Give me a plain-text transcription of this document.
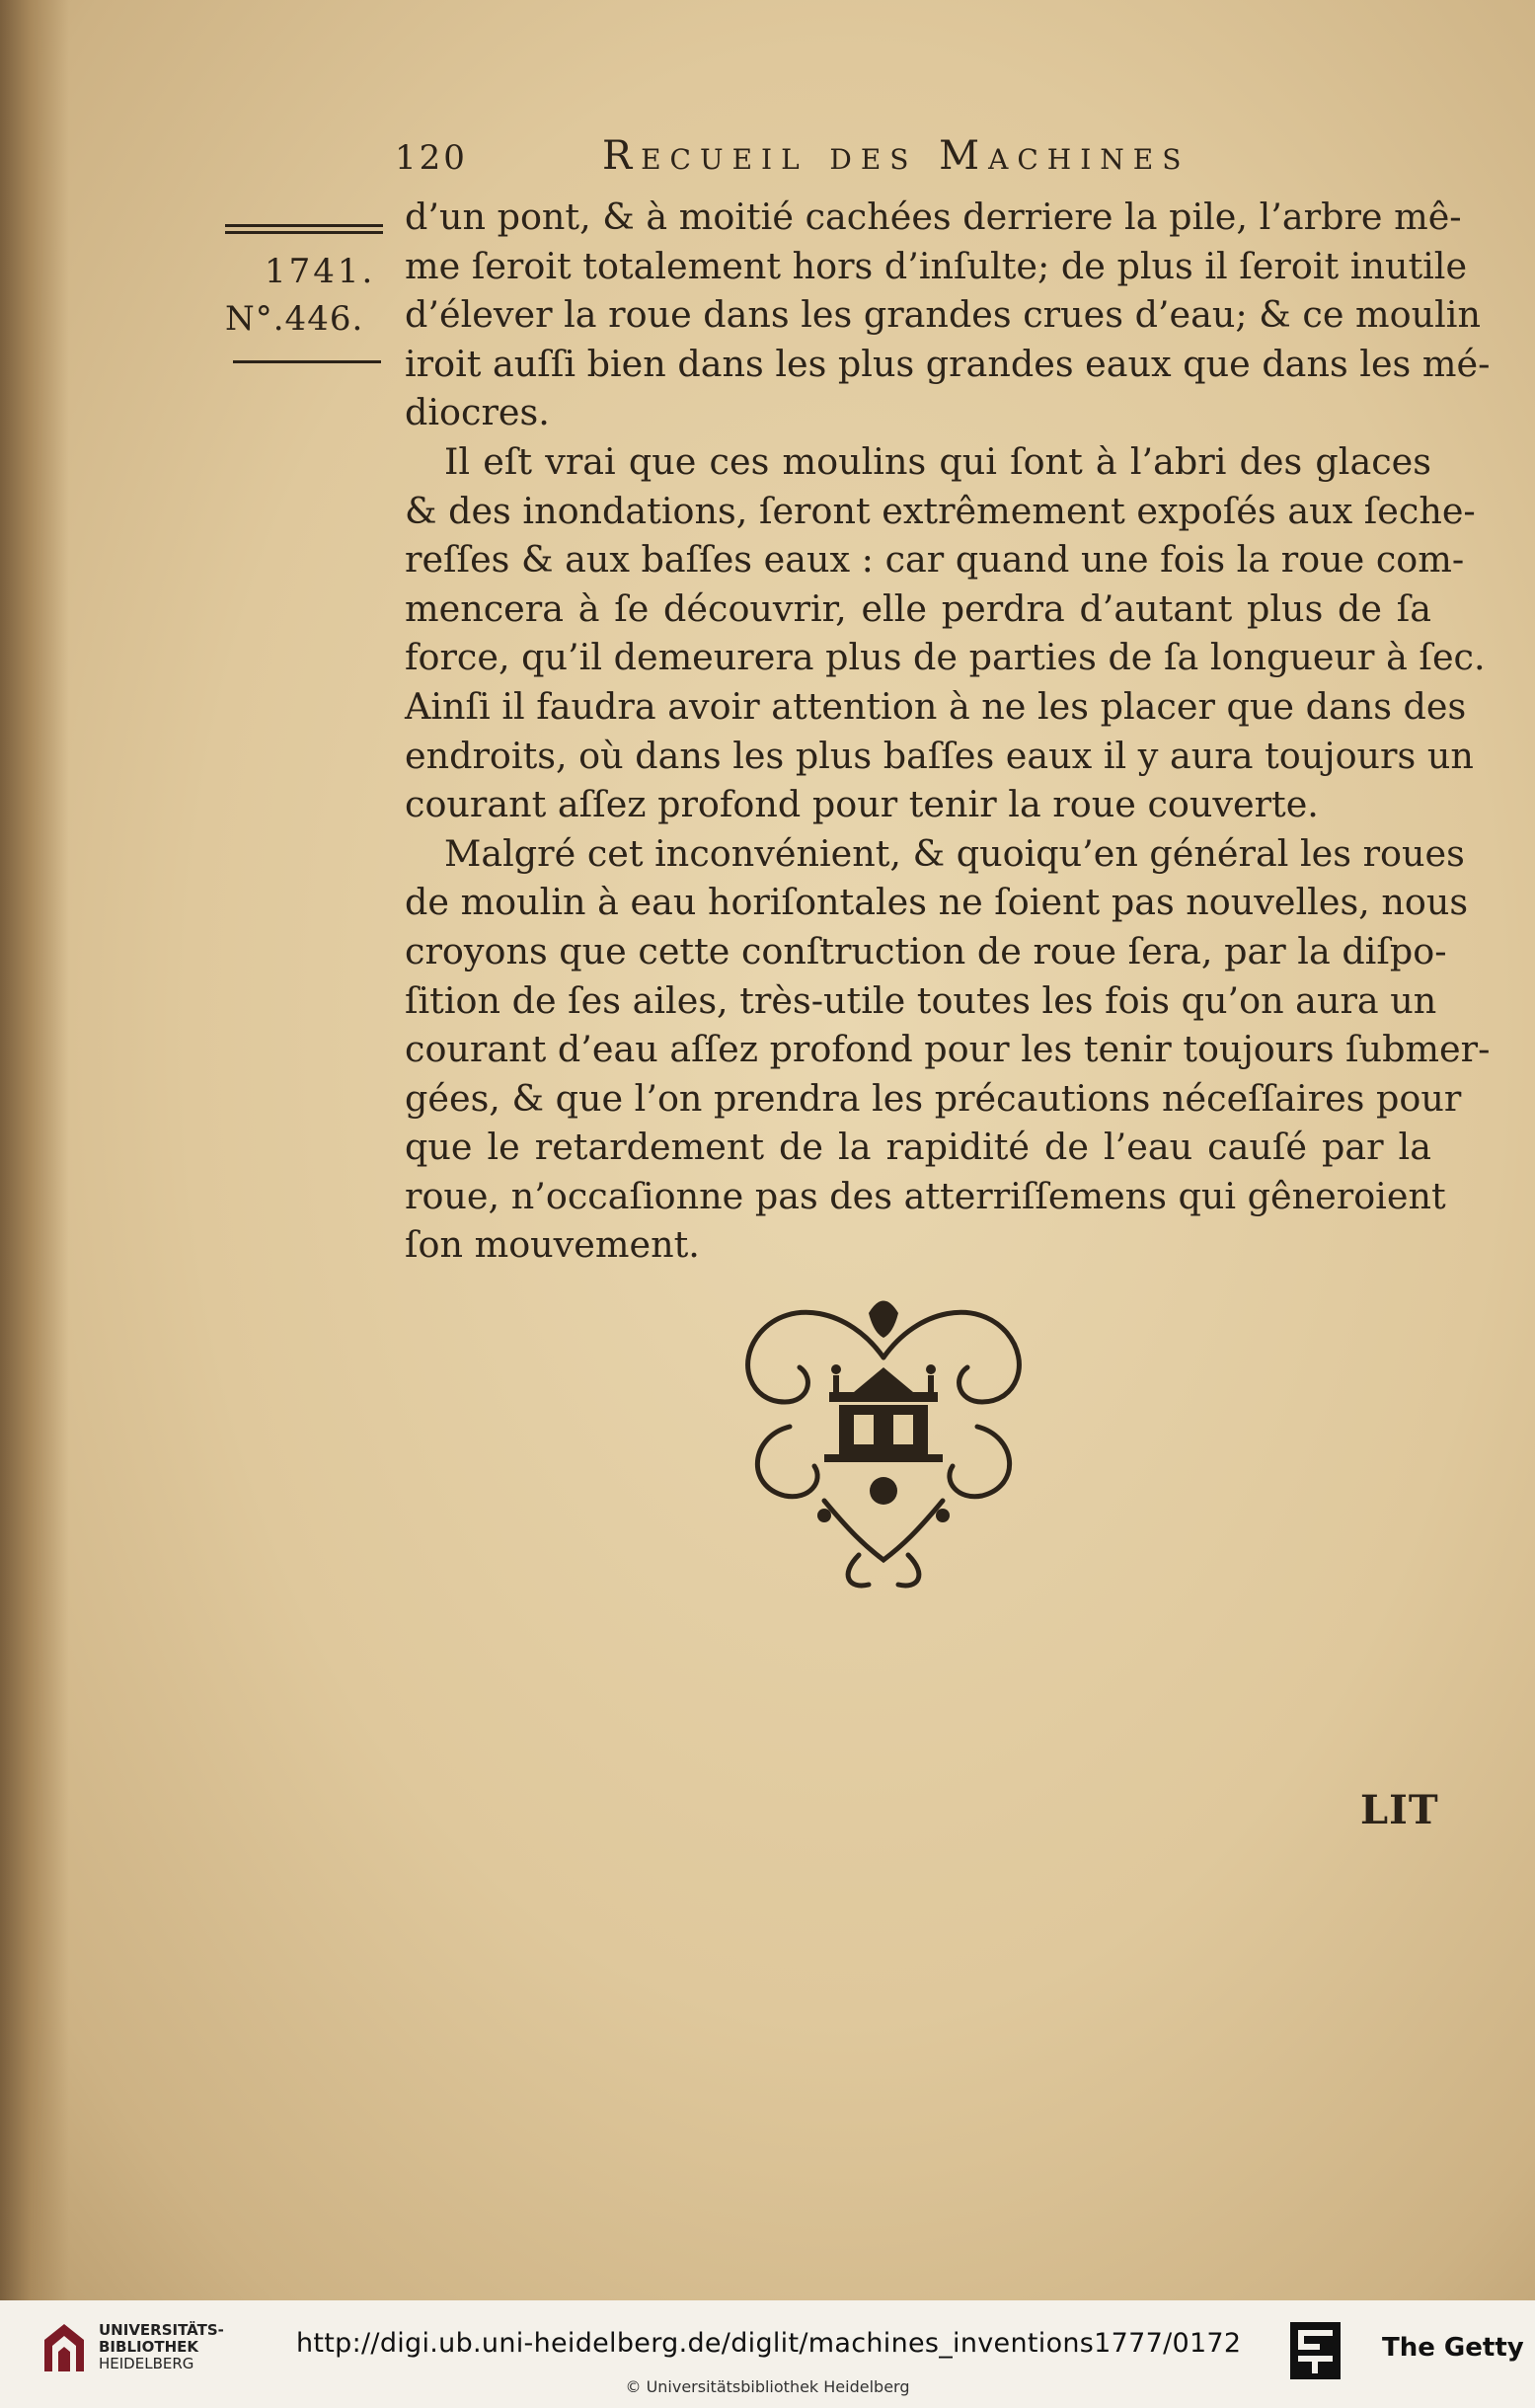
120	Recueil des Machines
1741.
N°.446.
d’un pont, & à moitié cachées derriere la pile, l’arbre mê-
me ſeroit totalement hors d’inſulte; de plus il ſeroit inutile
d’élever la roue dans les grandes crues d’eau; & ce moulin
iroit auſſi bien dans les plus grandes eaux que dans les mé-
diocres.
Il eſt vrai que ces moulins qui ſont à l’abri des glaces
& des inondations, ſeront extrêmement expoſés aux ſeche-
reſſes & aux baſſes eaux : car quand une fois la roue com-
mencera à ſe découvrir, elle perdra d’autant plus de ſa
force, qu’il demeurera plus de parties de ſa longueur à ſec.
Ainſi il faudra avoir attention à ne les placer que dans des
endroits, où dans les plus baſſes eaux il y aura toujours un
courant aſſez profond pour tenir la roue couverte.
Malgré cet inconvénient, & quoiqu’en général les roues
de moulin à eau horiſontales ne ſoient pas nouvelles, nous
croyons que cette conſtruction de roue ſera, par la diſpo-
ſition de ſes ailes, très-utile toutes les fois qu’on aura un
courant d’eau aſſez profond pour les tenir toujours ſubmer-
gées, & que l’on prendra les précautions néceſſaires pour
que le retardement de la rapidité de l’eau cauſé par la
roue, n’occaſionne pas des atterriſſemens qui gêneroient
ſon mouvement.
LIT
UNIVERSITÄTS-
BIBLIOTHEK
HEIDELBERG
http://digi.ub.uni-heidelberg.de/diglit/machines_inventions1777/0172
© Universitätsbibliothek Heidelberg
The Getty
